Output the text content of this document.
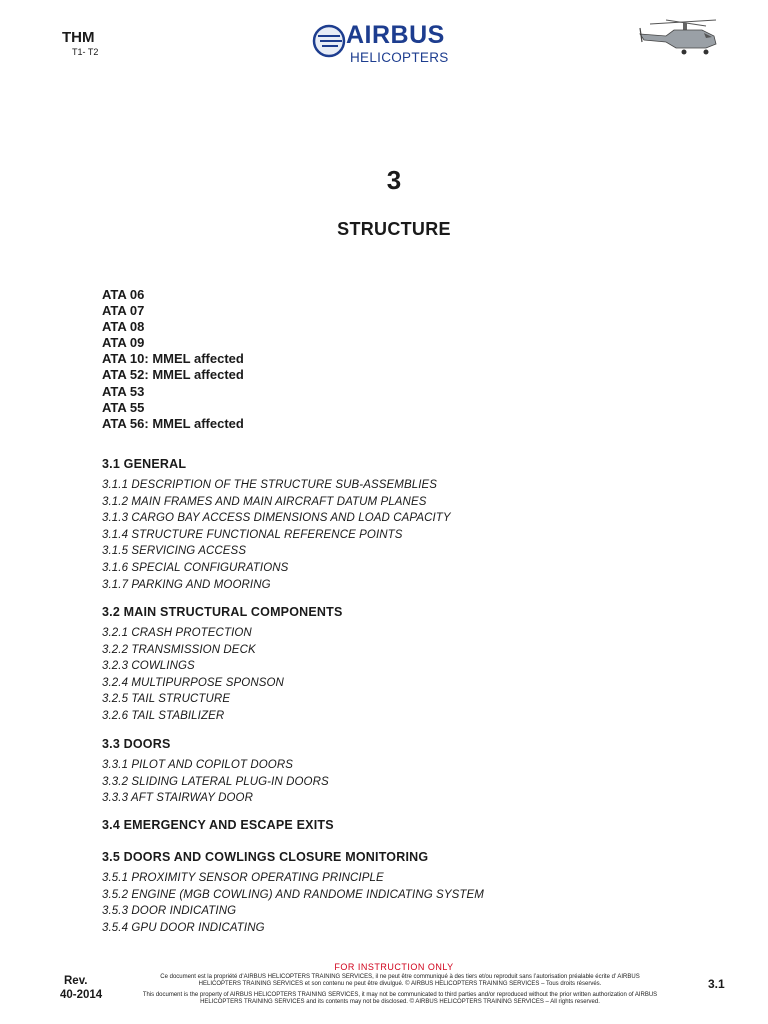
THM
T1- T2
AIRBUS
HELICOPTERS
3
STRUCTURE
ATA 06
ATA 07
ATA 08
ATA 09
ATA 10: MMEL affected
ATA 52: MMEL affected
ATA 53
ATA 55
ATA 56: MMEL affected
3.1 GENERAL
3.1.1 DESCRIPTION OF THE STRUCTURE SUB-ASSEMBLIES
3.1.2 MAIN FRAMES AND MAIN AIRCRAFT DATUM PLANES
3.1.3 CARGO BAY ACCESS DIMENSIONS AND LOAD CAPACITY
3.1.4 STRUCTURE FUNCTIONAL REFERENCE POINTS
3.1.5 SERVICING ACCESS
3.1.6 SPECIAL CONFIGURATIONS
3.1.7 PARKING AND MOORING
3.2 MAIN STRUCTURAL COMPONENTS
3.2.1 CRASH PROTECTION
3.2.2 TRANSMISSION DECK
3.2.3 COWLINGS
3.2.4 MULTIPURPOSE SPONSON
3.2.5 TAIL STRUCTURE
3.2.6 TAIL STABILIZER
3.3 DOORS
3.3.1 PILOT AND COPILOT DOORS
3.3.2 SLIDING LATERAL PLUG-IN DOORS
3.3.3 AFT STAIRWAY DOOR
3.4 EMERGENCY AND ESCAPE EXITS
3.5 DOORS AND COWLINGS CLOSURE MONITORING
3.5.1 PROXIMITY SENSOR OPERATING PRINCIPLE
3.5.2 ENGINE (MGB COWLING) AND RANDOME INDICATING SYSTEM
3.5.3 DOOR INDICATING
3.5.4 GPU DOOR INDICATING
Rev.
40-2014
FOR INSTRUCTION ONLY
Ce document est la propriété d’AIRBUS HELICOPTERS TRAINING SERVICES, il ne peut être communiqué à des tiers et/ou reproduit sans l’autorisation préalable écrite d’ AIRBUS HELICOPTERS TRAINING SERVICES et son contenu ne peut être divulgué. © AIRBUS HELICOPTERS TRAINING SERVICES – Tous droits réservés.
This document is the property of AIRBUS HELICOPTERS TRAINING SERVICES, it may not be communicated to third parties and/or reproduced without the prior written authorization of AIRBUS HELICOPTERS TRAINING SERVICES and its contents may not be disclosed. © AIRBUS HELICOPTERS TRAINING SERVICES – All rights reserved.
3.1
